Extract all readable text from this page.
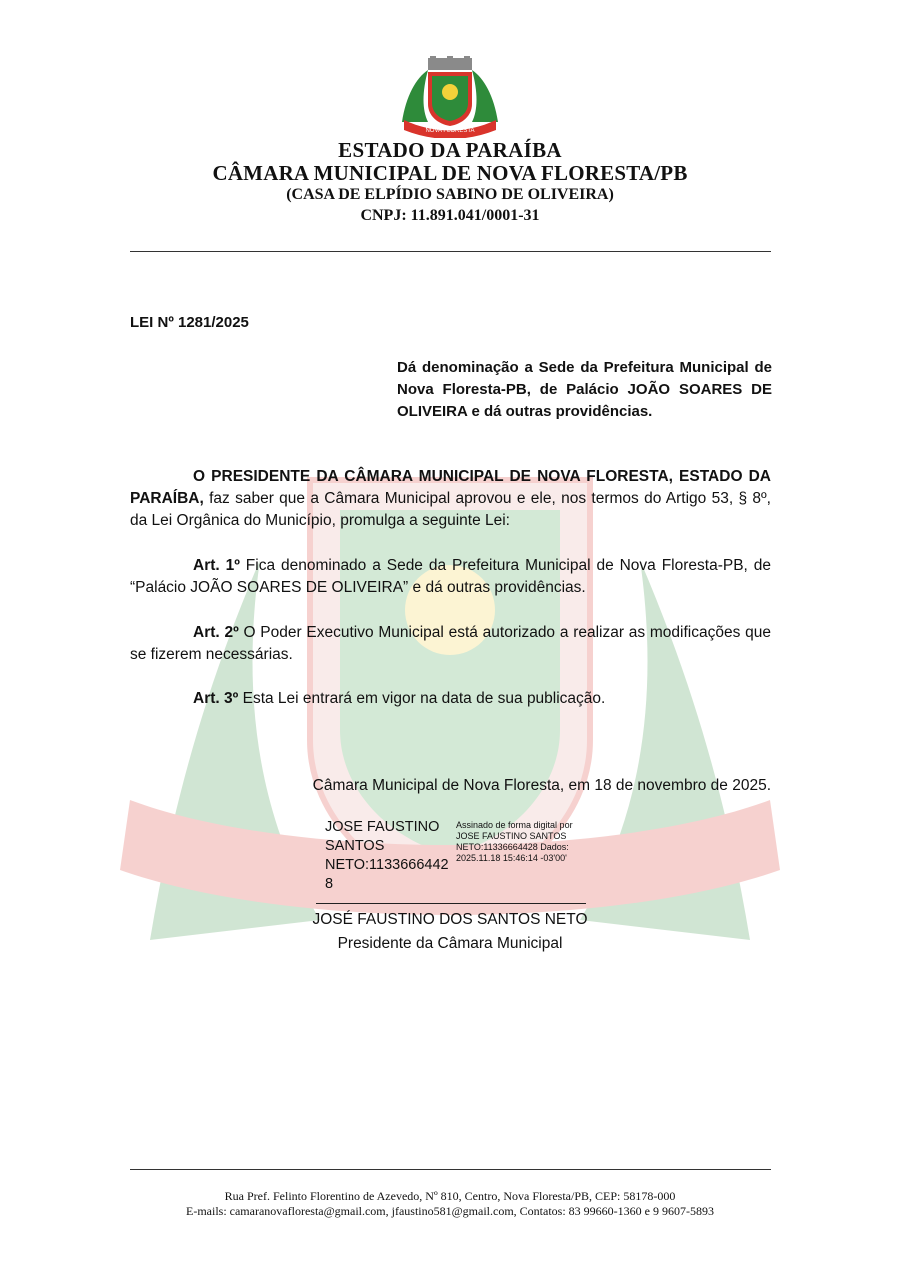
NOVA FLORESTA
ESTADO DA PARAÍBA
CÂMARA MUNICIPAL DE NOVA FLORESTA/PB
(CASA DE ELPÍDIO SABINO DE OLIVEIRA)
CNPJ: 11.891.041/0001-31
LEI Nº 1281/2025
Dá denominação a Sede da Prefeitura Municipal de Nova Floresta-PB, de Palácio JOÃO SOARES DE OLIVEIRA e dá outras providências.
O PRESIDENTE DA CÂMARA MUNICIPAL DE NOVA FLORESTA, ESTADO DA PARAÍBA, faz saber que a Câmara Municipal aprovou e ele, nos termos do Artigo 53, § 8º, da Lei Orgânica do Município, promulga a seguinte Lei:
Art. 1º Fica denominado a Sede da Prefeitura Municipal de Nova Floresta-PB, de “Palácio JOÃO SOARES DE OLIVEIRA” e dá outras providências.
Art. 2º O Poder Executivo Municipal está autorizado a realizar as modificações que se fizerem necessárias.
Art. 3º Esta Lei entrará em vigor na data de sua publicação.
Câmara Municipal de Nova Floresta, em 18 de novembro de 2025.
JOSE FAUSTINO SANTOS NETO:1133666442 8
Assinado de forma digital por JOSE FAUSTINO SANTOS NETO:11336664428 Dados: 2025.11.18 15:46:14 -03'00'
JOSÉ FAUSTINO DOS SANTOS NETO
Presidente da Câmara Municipal
Rua Pref. Felinto Florentino de Azevedo, Nº 810, Centro, Nova Floresta/PB, CEP: 58178-000
E-mails: camaranovafloresta@gmail.com, jfaustino581@gmail.com, Contatos: 83 99660-1360 e 9 9607-5893
